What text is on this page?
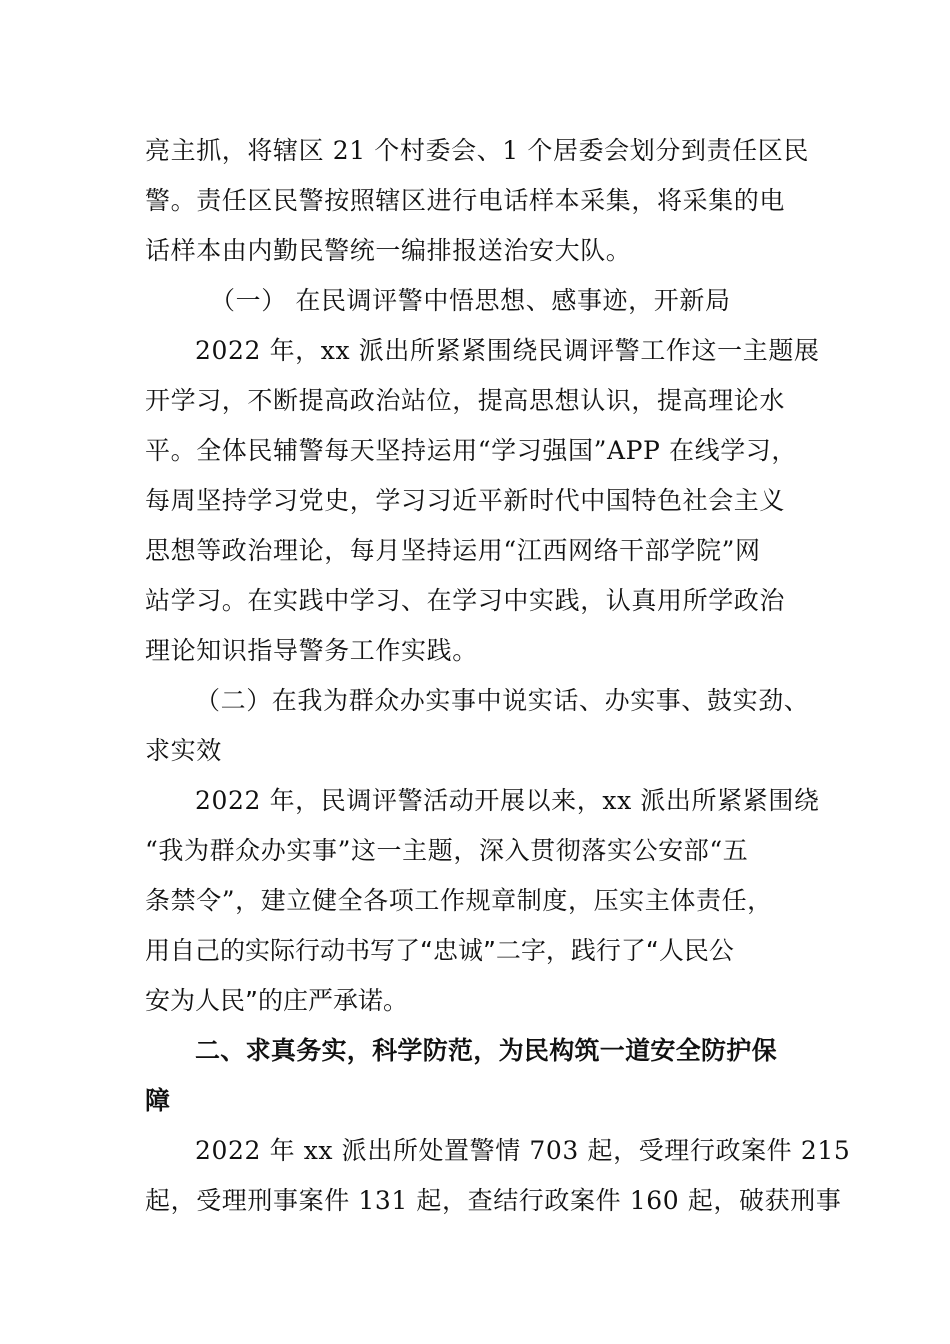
亮主抓，将辖区 21 个村委会、1 个居委会划分到责任区民
警。责任区民警按照辖区进行电话样本采集，将采集的电
话样本由内勤民警统一编排报送治安大队。
（一） 在民调评警中悟思想、感事迹，开新局
2022 年，xx 派出所紧紧围绕民调评警工作这一主题展
开学习，不断提高政治站位，提高思想认识，提高理论水
平。全体民辅警每天坚持运用“学习强国”APP 在线学习，
每周坚持学习党史，学习习近平新时代中国特色社会主义
思想等政治理论，每月坚持运用“江西网络干部学院”网
站学习。在实践中学习、在学习中实践，认真用所学政治
理论知识指导警务工作实践。
（二）在我为群众办实事中说实话、办实事、鼓实劲、
求实效
2022 年，民调评警活动开展以来，xx 派出所紧紧围绕
“我为群众办实事”这一主题，深入贯彻落实公安部“五
条禁令”，建立健全各项工作规章制度，压实主体责任，
用自己的实际行动书写了“忠诚”二字，践行了“人民公
安为人民”的庄严承诺。
二、求真务实，科学防范，为民构筑一道安全防护保
障
2022 年 xx 派出所处置警情 703 起，受理行政案件 215
起，受理刑事案件 131 起，查结行政案件 160 起，破获刑事
